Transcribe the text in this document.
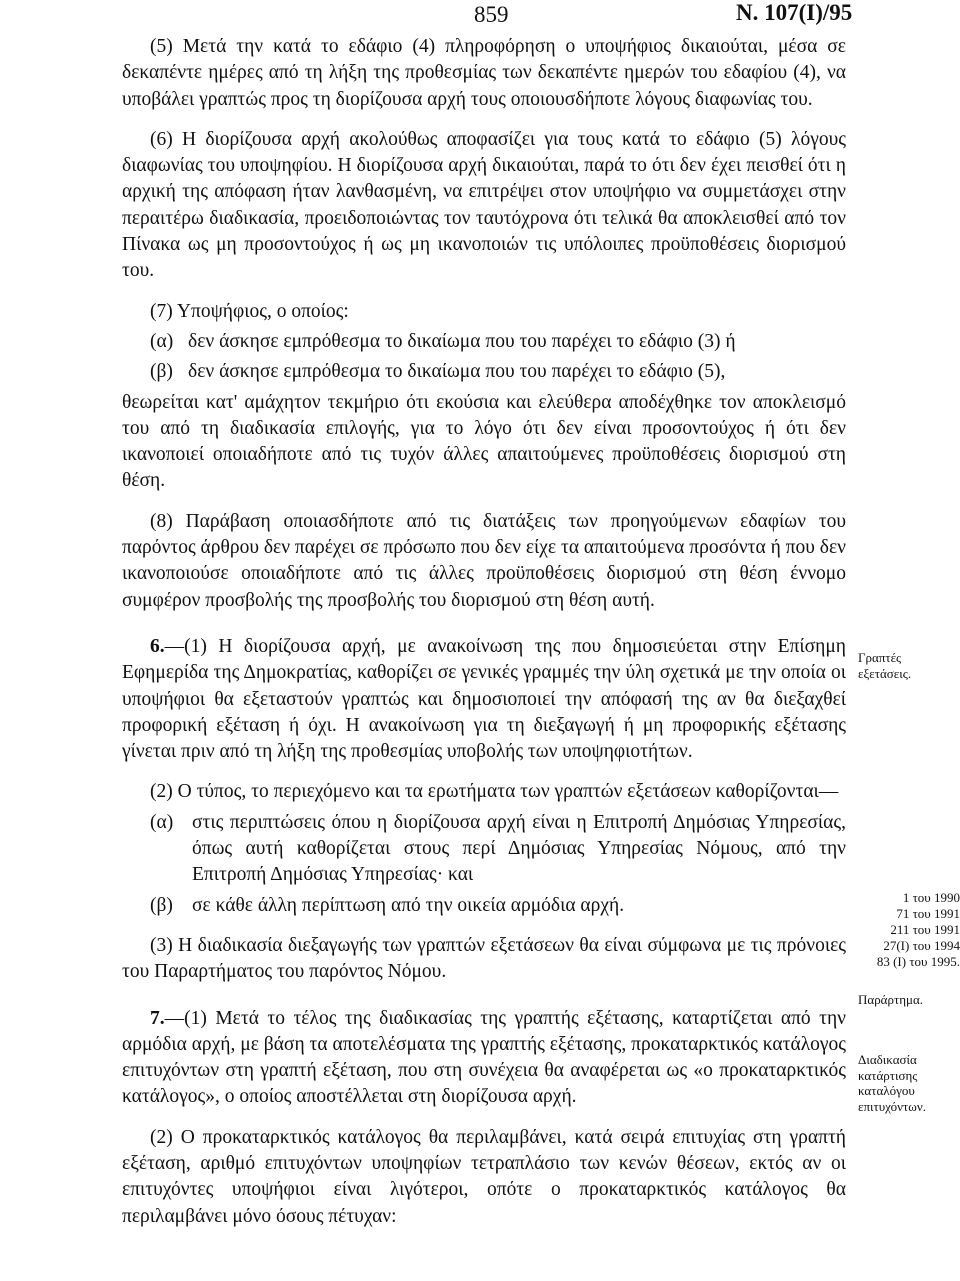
859	Ν. 107(Ι)/95

(5) Μετά την κατά το εδάφιο (4) πληροφόρηση ο υποψήφιος δικαιούται, μέσα σε δεκαπέντε ημέρες από τη λήξη της προθεσμίας των δεκαπέντε ημερών του εδαφίου (4), να υποβάλει γραπτώς προς τη διορίζουσα αρχή τους οποιουσδήποτε λόγους διαφωνίας του.

(6) Η διορίζουσα αρχή ακολούθως αποφασίζει για τους κατά το εδάφιο (5) λόγους διαφωνίας του υποψηφίου. Η διορίζουσα αρχή δικαιούται, παρά το ότι δεν έχει πεισθεί ότι η αρχική της απόφαση ήταν λανθασμένη, να επιτρέψει στον υποψήφιο να συμμετάσχει στην περαιτέρω διαδικασία, προειδοποιώντας τον ταυτόχρονα ότι τελικά θα αποκλεισθεί από τον Πίνακα ως μη προσοντούχος ή ως μη ικανοποιών τις υπόλοιπες προϋποθέσεις διορισμού του.

(7) Υποψήφιος, ο οποίος:

(α) δεν άσκησε εμπρόθεσμα το δικαίωμα που του παρέχει το εδάφιο (3) ή
(β) δεν άσκησε εμπρόθεσμα το δικαίωμα που του παρέχει το εδάφιο (5),

θεωρείται κατ' αμάχητον τεκμήριο ότι εκούσια και ελεύθερα αποδέχθηκε τον αποκλεισμό του από τη διαδικασία επιλογής, για το λόγο ότι δεν είναι προσοντούχος ή ότι δεν ικανοποιεί οποιαδήποτε από τις τυχόν άλλες απαιτούμενες προϋποθέσεις διορισμού στη θέση.

(8) Παράβαση οποιασδήποτε από τις διατάξεις των προηγούμενων εδαφίων του παρόντος άρθρου δεν παρέχει σε πρόσωπο που δεν είχε τα απαιτούμενα προσόντα ή που δεν ικανοποιούσε οποιαδήποτε από τις άλλες προϋποθέσεις διορισμού στη θέση έννομο συμφέρον προσβολής της προσβολής του διορισμού στη θέση αυτή.

6.—(1) Η διορίζουσα αρχή, με ανακοίνωση της που δημοσιεύεται στην Επίσημη Εφημερίδα της Δημοκρατίας, καθορίζει σε γενικές γραμμές την ύλη σχετικά με την οποία οι υποψήφιοι θα εξεταστούν γραπτώς και δημοσιοποιεί την απόφασή της αν θα διεξαχθεί προφορική εξέταση ή όχι. Η ανακοίνωση για τη διεξαγωγή ή μη προφορικής εξέτασης γίνεται πριν από τη λήξη της προθεσμίας υποβολής των υποψηφιοτήτων.

(2) Ο τύπος, το περιεχόμενο και τα ερωτήματα των γραπτών εξετάσεων καθορίζονται—

(α) στις περιπτώσεις όπου η διορίζουσα αρχή είναι η Επιτροπή Δημόσιας Υπηρεσίας, όπως αυτή καθορίζεται στους περί Δημόσιας Υπηρεσίας Νόμους, από την Επιτροπή Δημόσιας Υπηρεσίας· και
(β) σε κάθε άλλη περίπτωση από την οικεία αρμόδια αρχή.

(3) Η διαδικασία διεξαγωγής των γραπτών εξετάσεων θα είναι σύμφωνα με τις πρόνοιες του Παραρτήματος του παρόντος Νόμου.

7.—(1) Μετά το τέλος της διαδικασίας της γραπτής εξέτασης, καταρτίζεται από την αρμόδια αρχή, με βάση τα αποτελέσματα της γραπτής εξέτασης, προκαταρκτικός κατάλογος επιτυχόντων στη γραπτή εξέταση, που στη συνέχεια θα αναφέρεται ως «ο προκαταρκτικός κατάλογος», ο οποίος αποστέλλεται στη διορίζουσα αρχή.

(2) Ο προκαταρκτικός κατάλογος θα περιλαμβάνει, κατά σειρά επιτυχίας στη γραπτή εξέταση, αριθμό επιτυχόντων υποψηφίων τετραπλάσιο των κενών θέσεων, εκτός αν οι επιτυχόντες υποψήφιοι είναι λιγότεροι, οπότε ο προκαταρκτικός κατάλογος θα περιλαμβάνει μόνο όσους πέτυχαν:

Γραπτές
εξετάσεις.
1 του 1990
71 του 1991
211 του 1991
27(Ι) του 1994
83 (Ι) του 1995.
Παράρτημα.
Διαδικασία
κατάρτισης
καταλόγου
επιτυχόντων.
